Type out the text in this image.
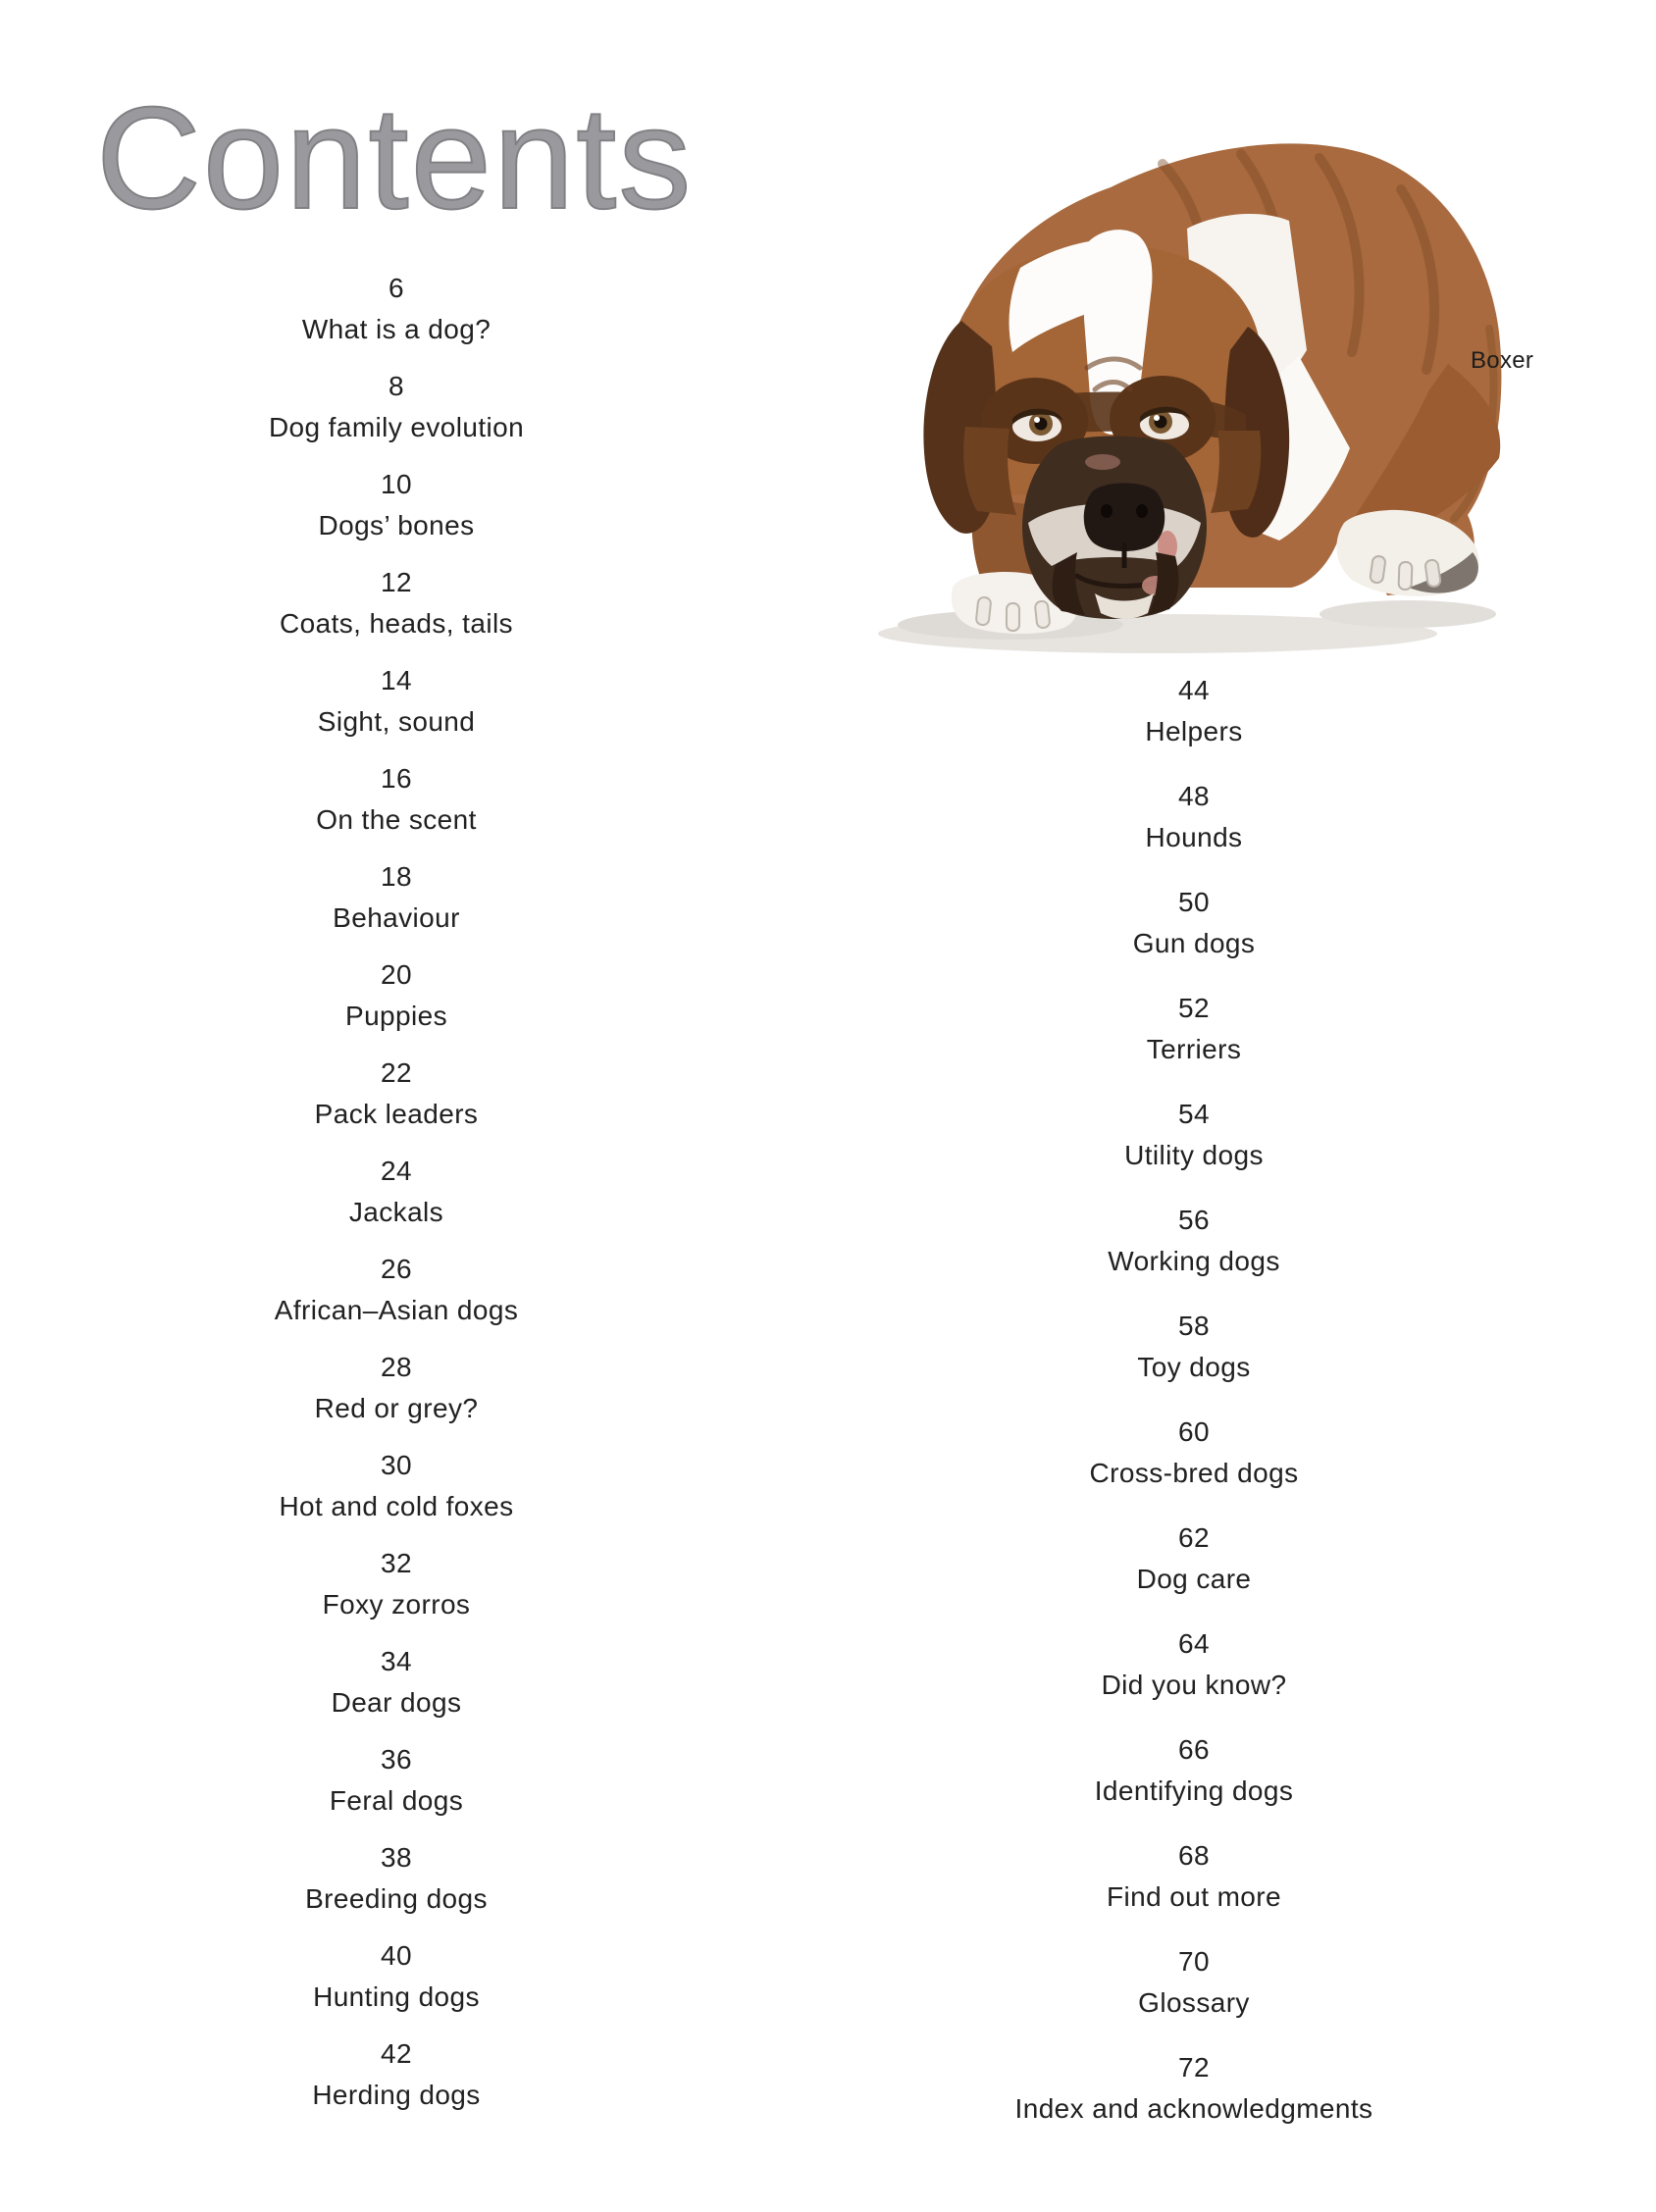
Contents
6
What is a dog?
8
Dog family evolution
10
Dogs’ bones
12
Coats, heads, tails
14
Sight, sound
16
On the scent
18
Behaviour
20
Puppies
22
Pack leaders
24
Jackals
26
African–Asian dogs
28
Red or grey?
30
Hot and cold foxes
32
Foxy zorros
34
Dear dogs
36
Feral dogs
38
Breeding dogs
40
Hunting dogs
42
Herding dogs
44
Helpers
48
Hounds
50
Gun dogs
52
Terriers
54
Utility dogs
56
Working dogs
58
Toy dogs
60
Cross-bred dogs
62
Dog care
64
Did you know?
66
Identifying dogs
68
Find out more
70
Glossary
72
Index and acknowledgments
Boxer
